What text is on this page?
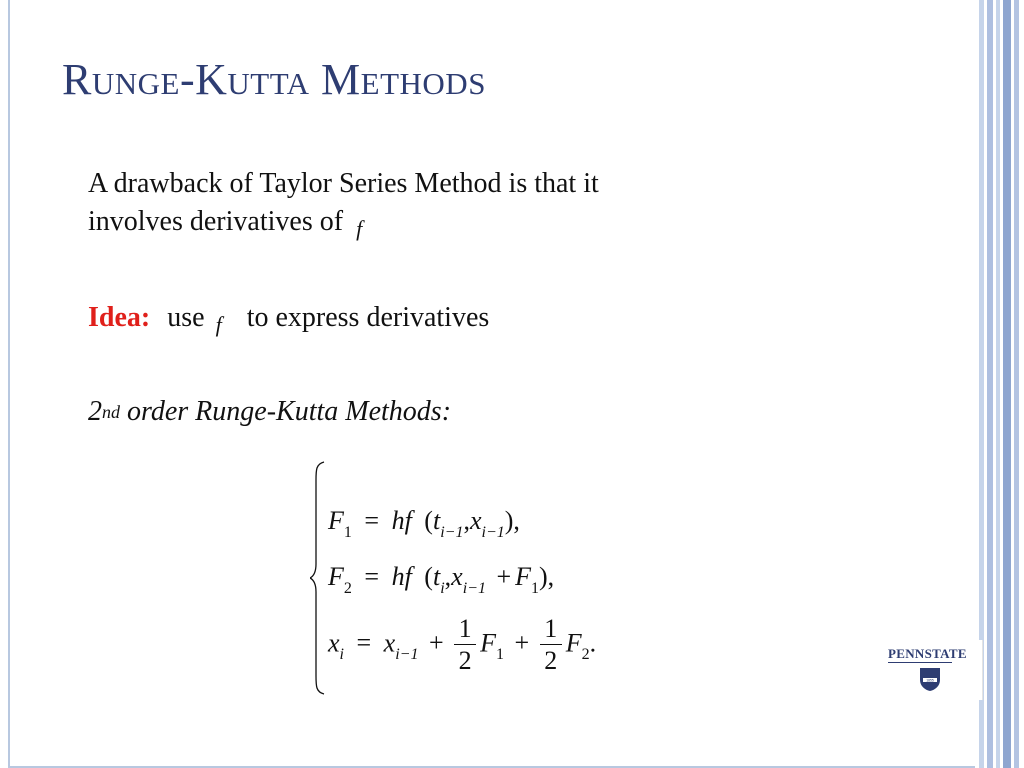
Runge-Kutta Methods
A drawback of Taylor Series Method is that it
involves derivatives of $_f$
Idea: use $_f$ to express derivatives
2nd order Runge-Kutta Methods:
$F_1$ = hf $(t_{i-1},x_{i-1})$,
$F_2$ = hf $(t_i,x_{i-1} + F_1)$,
$x_i = x_{i-1} + \frac{1}{2} F_1 + \frac{1}{2} F_2$.	PENNSTATE
1855
